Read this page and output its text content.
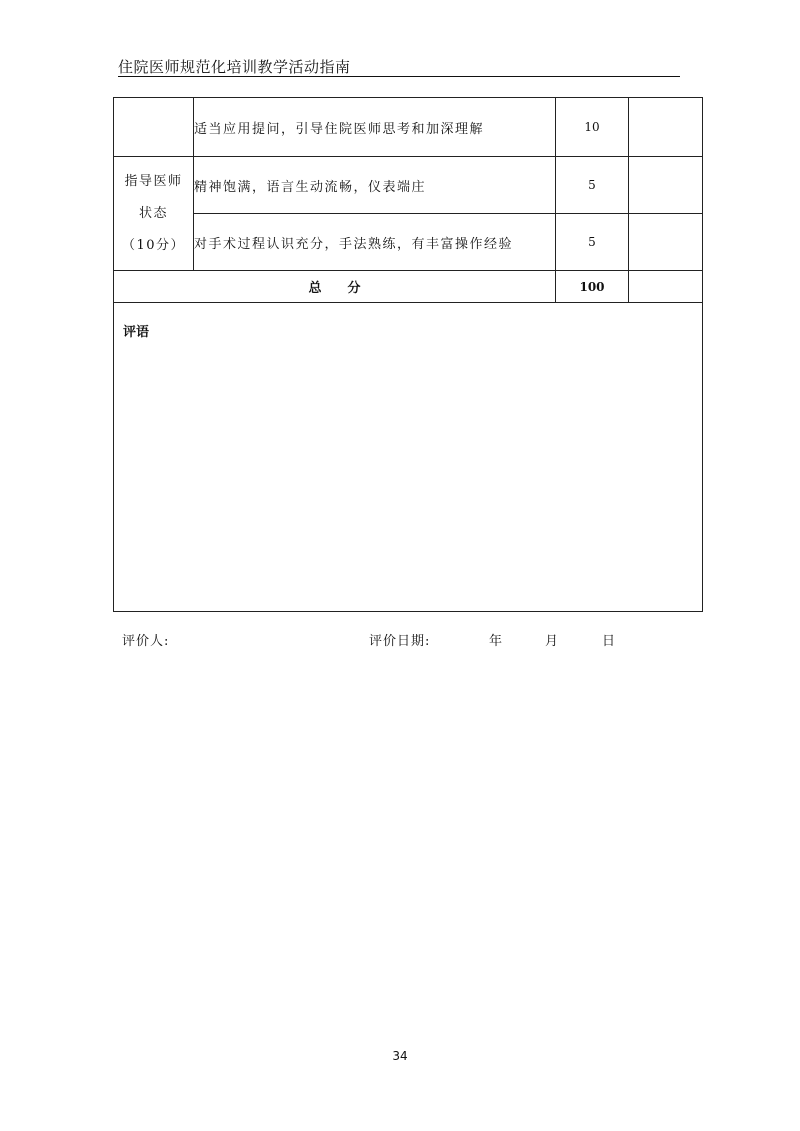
住院医师规范化培训教学活动指南
	适当应用提问，引导住院医师思考和加深理解	10	

指导医师
状态
（10分）	精神饱满，语言生动流畅，仪表端庄	5	
	对手术过程认识充分，手法熟练，有丰富操作经验	5	
总 分		100	

评语			
评价人:	评价日期:	年	月	日
34
